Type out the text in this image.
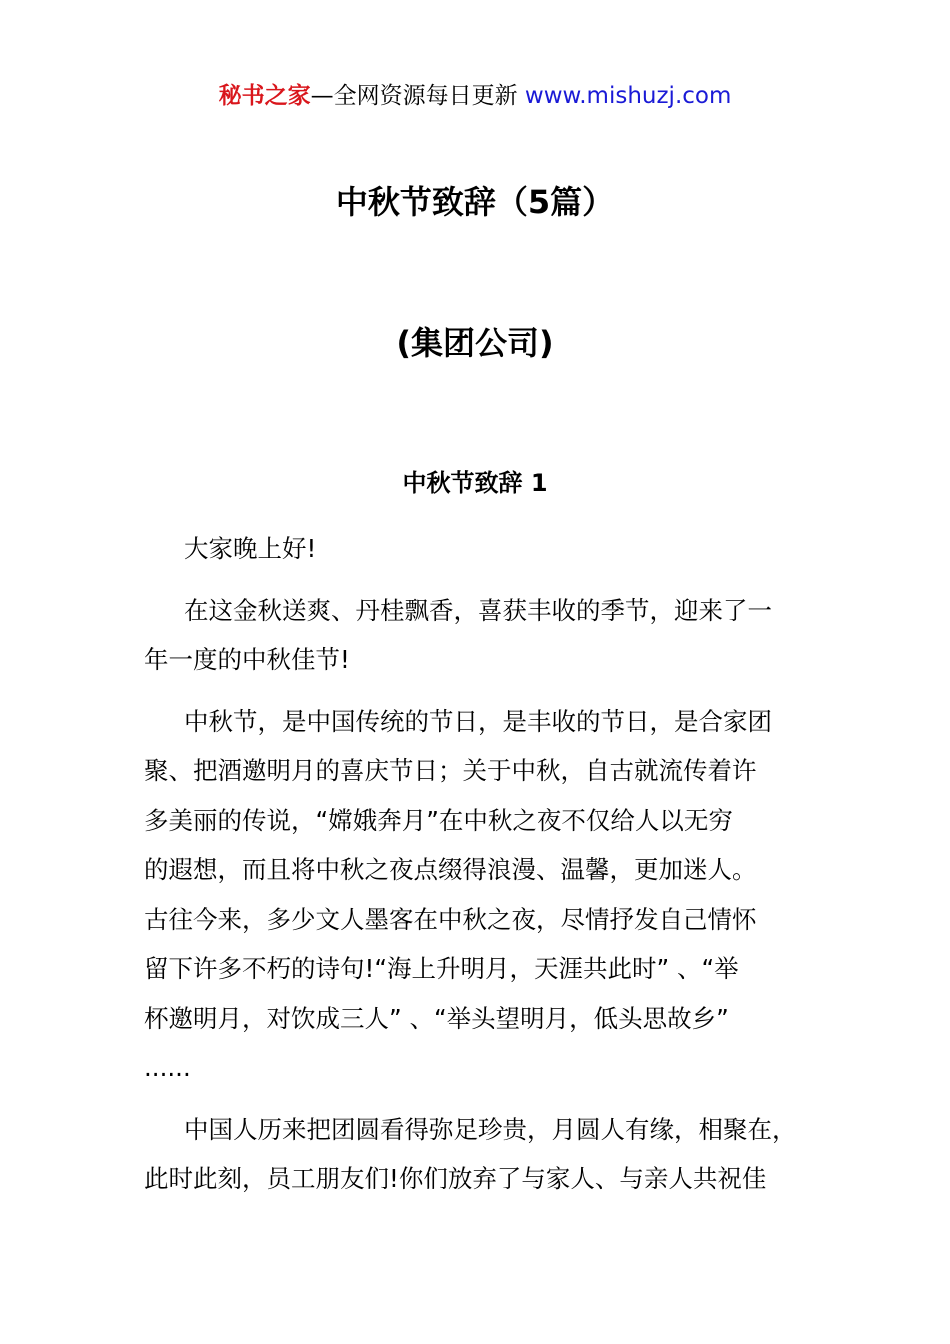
秘书之家—全网资源每日更新 www.mishuzj.com
中秋节致辞（5篇）
(集团公司)
中秋节致辞 1

大家晚上好!

在这金秋送爽、丹桂飘香，喜获丰收的季节，迎来了一
年一度的中秋佳节!

中秋节，是中国传统的节日，是丰收的节日，是合家团
聚、把酒邀明月的喜庆节日；关于中秋，自古就流传着许
多美丽的传说，“嫦娥奔月”在中秋之夜不仅给人以无穷
的遐想，而且将中秋之夜点缀得浪漫、温馨，更加迷人。
古往今来，多少文人墨客在中秋之夜，尽情抒发自己情怀
留下许多不朽的诗句!“海上升明月，天涯共此时” 、“举
杯邀明月，对饮成三人” 、“举头望明月，低头思故乡”
......

中国人历来把团圆看得弥足珍贵，月圆人有缘，相聚在，
此时此刻，员工朋友们!你们放弃了与家人、与亲人共祝佳
